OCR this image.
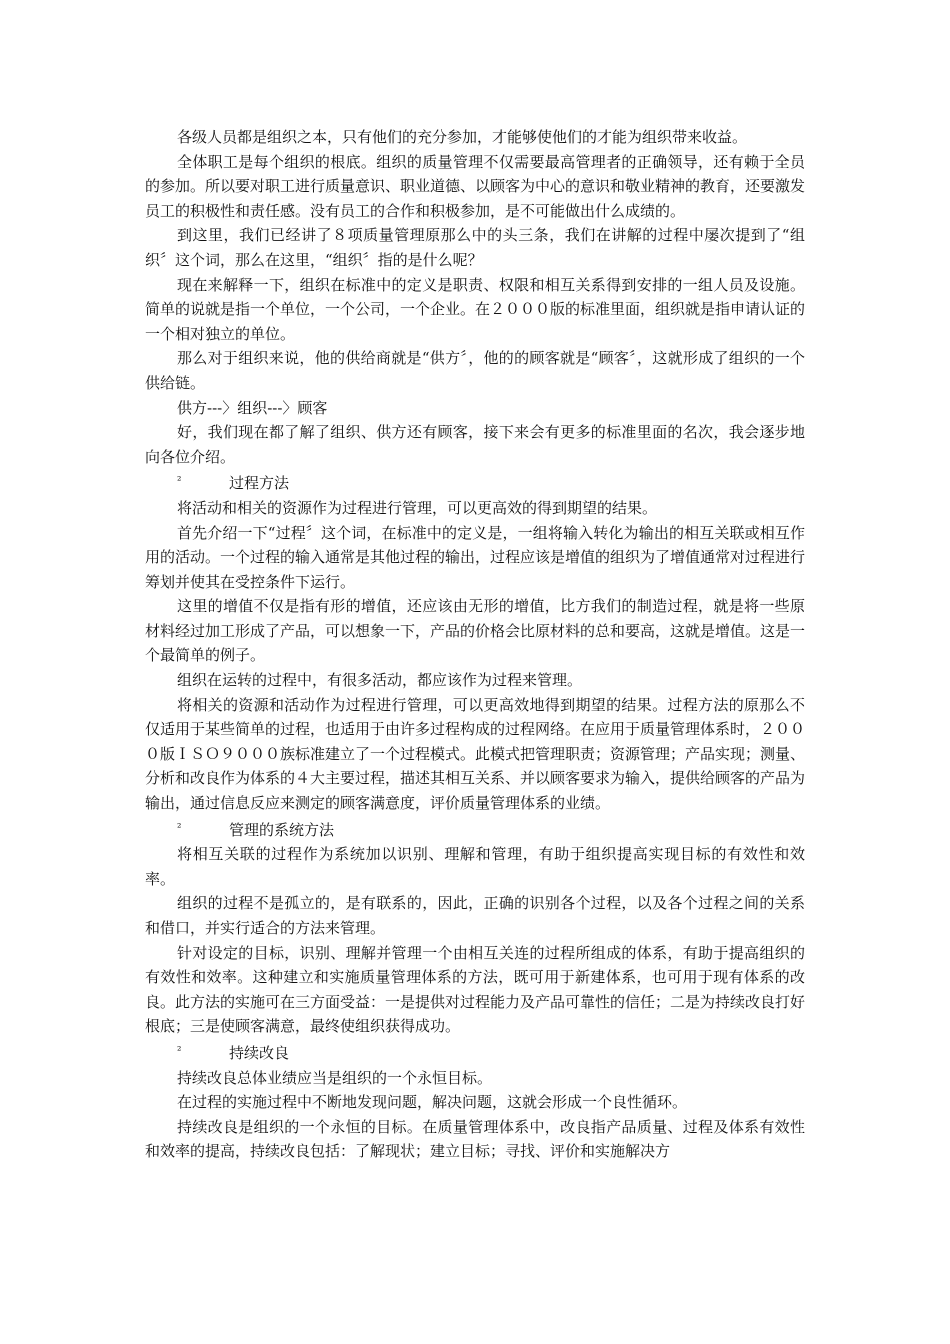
各级人员都是组织之本，只有他们的充分参加，才能够使他们的才能为组织带来收益。

全体职工是每个组织的根底。组织的质量管理不仅需要最高管理者的正确领导，还有赖于全员的参加。所以要对职工进行质量意识、职业道德、以顾客为中心的意识和敬业精神的教育，还要激发员工的积极性和责任感。没有员工的合作和积极参加，是不可能做出什么成绩的。

到这里，我们已经讲了８项质量管理原那么中的头三条，我们在讲解的过程中屡次提到了“组织〞这个词，那么在这里，“组织〞指的是什么呢？

现在来解释一下，组织在标准中的定义是职责、权限和相互关系得到安排的一组人员及设施。简单的说就是指一个单位，一个公司，一个企业。在２０００版的标准里面，组织就是指申请认证的一个相对独立的单位。

那么对于组织来说，他的供给商就是“供方〞，他的的顾客就是“顾客〞，这就形成了组织的一个供给链。

供方---〉组织---〉顾客

好，我们现在都了解了组织、供方还有顾客，接下来会有更多的标准里面的名次，我会逐步地向各位介绍。

²	过程方法

将活动和相关的资源作为过程进行管理，可以更高效的得到期望的结果。

首先介绍一下“过程〞这个词，在标准中的定义是，一组将输入转化为输出的相互关联或相互作用的活动。一个过程的输入通常是其他过程的输出，过程应该是增值的组织为了增值通常对过程进行筹划并使其在受控条件下运行。

这里的增值不仅是指有形的增值，还应该由无形的增值，比方我们的制造过程，就是将一些原材料经过加工形成了产品，可以想象一下，产品的价格会比原材料的总和要高，这就是增值。这是一个最简单的例子。

组织在运转的过程中，有很多活动，都应该作为过程来管理。

将相关的资源和活动作为过程进行管理，可以更高效地得到期望的结果。过程方法的原那么不仅适用于某些简单的过程，也适用于由许多过程构成的过程网络。在应用于质量管理体系时，２０００版ＩＳＯ９０００族标准建立了一个过程模式。此模式把管理职责；资源管理；产品实现；测量、分析和改良作为体系的４大主要过程，描述其相互关系、并以顾客要求为输入，提供给顾客的产品为输出，通过信息反应来测定的顾客满意度，评价质量管理体系的业绩。

²	管理的系统方法

将相互关联的过程作为系统加以识别、理解和管理，有助于组织提高实现目标的有效性和效率。

组织的过程不是孤立的，是有联系的，因此，正确的识别各个过程，以及各个过程之间的关系和借口，并实行适合的方法来管理。

针对设定的目标，识别、理解并管理一个由相互关连的过程所组成的体系，有助于提高组织的有效性和效率。这种建立和实施质量管理体系的方法，既可用于新建体系，也可用于现有体系的改良。此方法的实施可在三方面受益：一是提供对过程能力及产品可靠性的信任；二是为持续改良打好根底；三是使顾客满意，最终使组织获得成功。

²	持续改良

持续改良总体业绩应当是组织的一个永恒目标。

在过程的实施过程中不断地发现问题，解决问题，这就会形成一个良性循环。

持续改良是组织的一个永恒的目标。在质量管理体系中，改良指产品质量、过程及体系有效性和效率的提高，持续改良包括：了解现状；建立目标；寻找、评价和实施解决方
